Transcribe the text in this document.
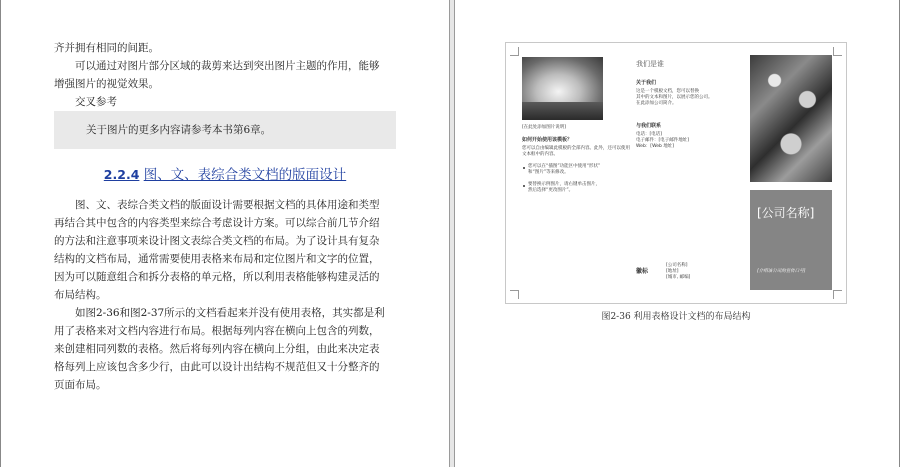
齐并拥有相同的间距。

可以通过对图片部分区域的裁剪来达到突出图片主题的作用，能够

增强图片的视觉效果。

交叉参考

关于图片的更多内容请参考本书第6章。
2.2.4 图、文、表综合类文档的版面设计

图、文、表综合类文档的版面设计需要根据文档的具体用途和类型

再结合其中包含的内容类型来综合考虑设计方案。可以综合前几节介绍

的方法和注意事项来设计图文表综合类文档的布局。为了设计具有复杂

结构的文档布局，通常需要使用表格来布局和定位图片和文字的位置，

因为可以随意组合和拆分表格的单元格，所以利用表格能够构建灵活的

布局结构。

如图2-36和图2-37所示的文档看起来并没有使用表格，其实都是利

用了表格来对文档内容进行布局。根据每列内容在横向上包含的列数，

来创建相同列数的表格。然后将每列内容在横向上分组，由此来决定表

格每列上应该包含多少行，由此可以设计出结构不规范但又十分整齐的

页面布局。

[在此处添加图片说明]
如何开始使用该模板？
您可以自由编辑此模板的全部内容。此外，还可以使用
文本框中的内容。
您可以在“插图”功能区中使用“形状”
和“图片”等来修改。
要替换示例图片，请右键单击图片，
然后选择“更改图片”。
我们是谁
关于我们
这是一个模板文档，您可以替换
其中的文本和图片，以展示您的公司。
在此添加公司简介。
与我们联系
电话：[电话]
电子邮件：[电子邮件地址]
Web：[Web 地址]
徽标
[公司名称]
[地址]
[城市, 邮编]
[公司名称]
[介绍该公司的宣传口号]
图2-36 利用表格设计文档的布局结构
